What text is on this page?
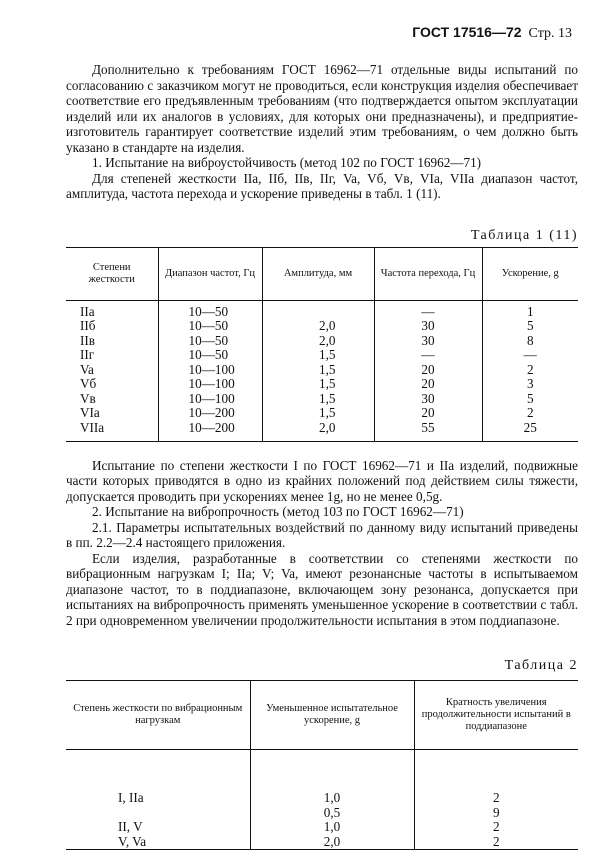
ГОСТ 17516—72 Стр. 13

Дополнительно к требованиям ГОСТ 16962—71 отдельные виды испытаний по согласованию с заказчиком могут не проводиться, если конструкция изделия обеспечивает соответствие его предъявленным требованиям (что подтверждается опытом эксплуатации изделий или их аналогов в условиях, для которых они предназначены), и предприятие-изготовитель гарантирует соответствие изделий этим требованиям, о чем должно быть указано в стандарте на изделия.

1. Испытание на виброустойчивость (метод 102 по ГОСТ 16962—71)

Для степеней жесткости IIa, IIб, IIв, IIг, Va, Vб, Vв, VIa, VIIa диапазон частот, амплитуда, частота перехода и ускорение приведены в табл. 1 (11).

Таблица 1 (11)
Степени жесткости	Диапазон частот, Гц	Амплитуда, мм	Частота перехода, Гц	Ускорение, g

IIa	10—50		—	1
IIб	10—50	2,0	30	5
IIв	10—50	2,0	30	8
IIг	10—50	1,5	—	—
Va	10—100	1,5	20	2
Vб	10—100	1,5	20	3
Vв	10—100	1,5	30	5
VIa	10—200	1,5	20	2
VIIa	10—200	2,0	55	25

Испытание по степени жесткости I по ГОСТ 16962—71 и IIa изделий, подвижные части которых приводятся в одно из крайних положений под действием силы тяжести, допускается проводить при ускорениях менее 1g, но не менее 0,5g.

2. Испытание на вибропрочность (метод 103 по ГОСТ 16962—71)

2.1. Параметры испытательных воздействий по данному виду испытаний приведены в пп. 2.2—2.4 настоящего приложения.

Если изделия, разработанные в соответствии со степенями жесткости по вибрационным нагрузкам I; IIa; V; Va, имеют резонансные частоты в испытываемом диапазоне частот, то в поддиапазоне, включающем зону резонанса, допускается при испытаниях на вибропрочность применять уменьшенное ускорение в соответствии с табл. 2 при одновременном увеличении продолжительности испытания в этом поддиапазоне.

Таблица 2
Степень жесткости по вибрационным нагрузкам	Уменьшенное испытательное ускорение, g	Кратность увеличения продолжительности испытаний в поддиапазоне

I, IIa	1,0	2
	0,5	9
II, V	1,0	2
V, Va	2,0	2
